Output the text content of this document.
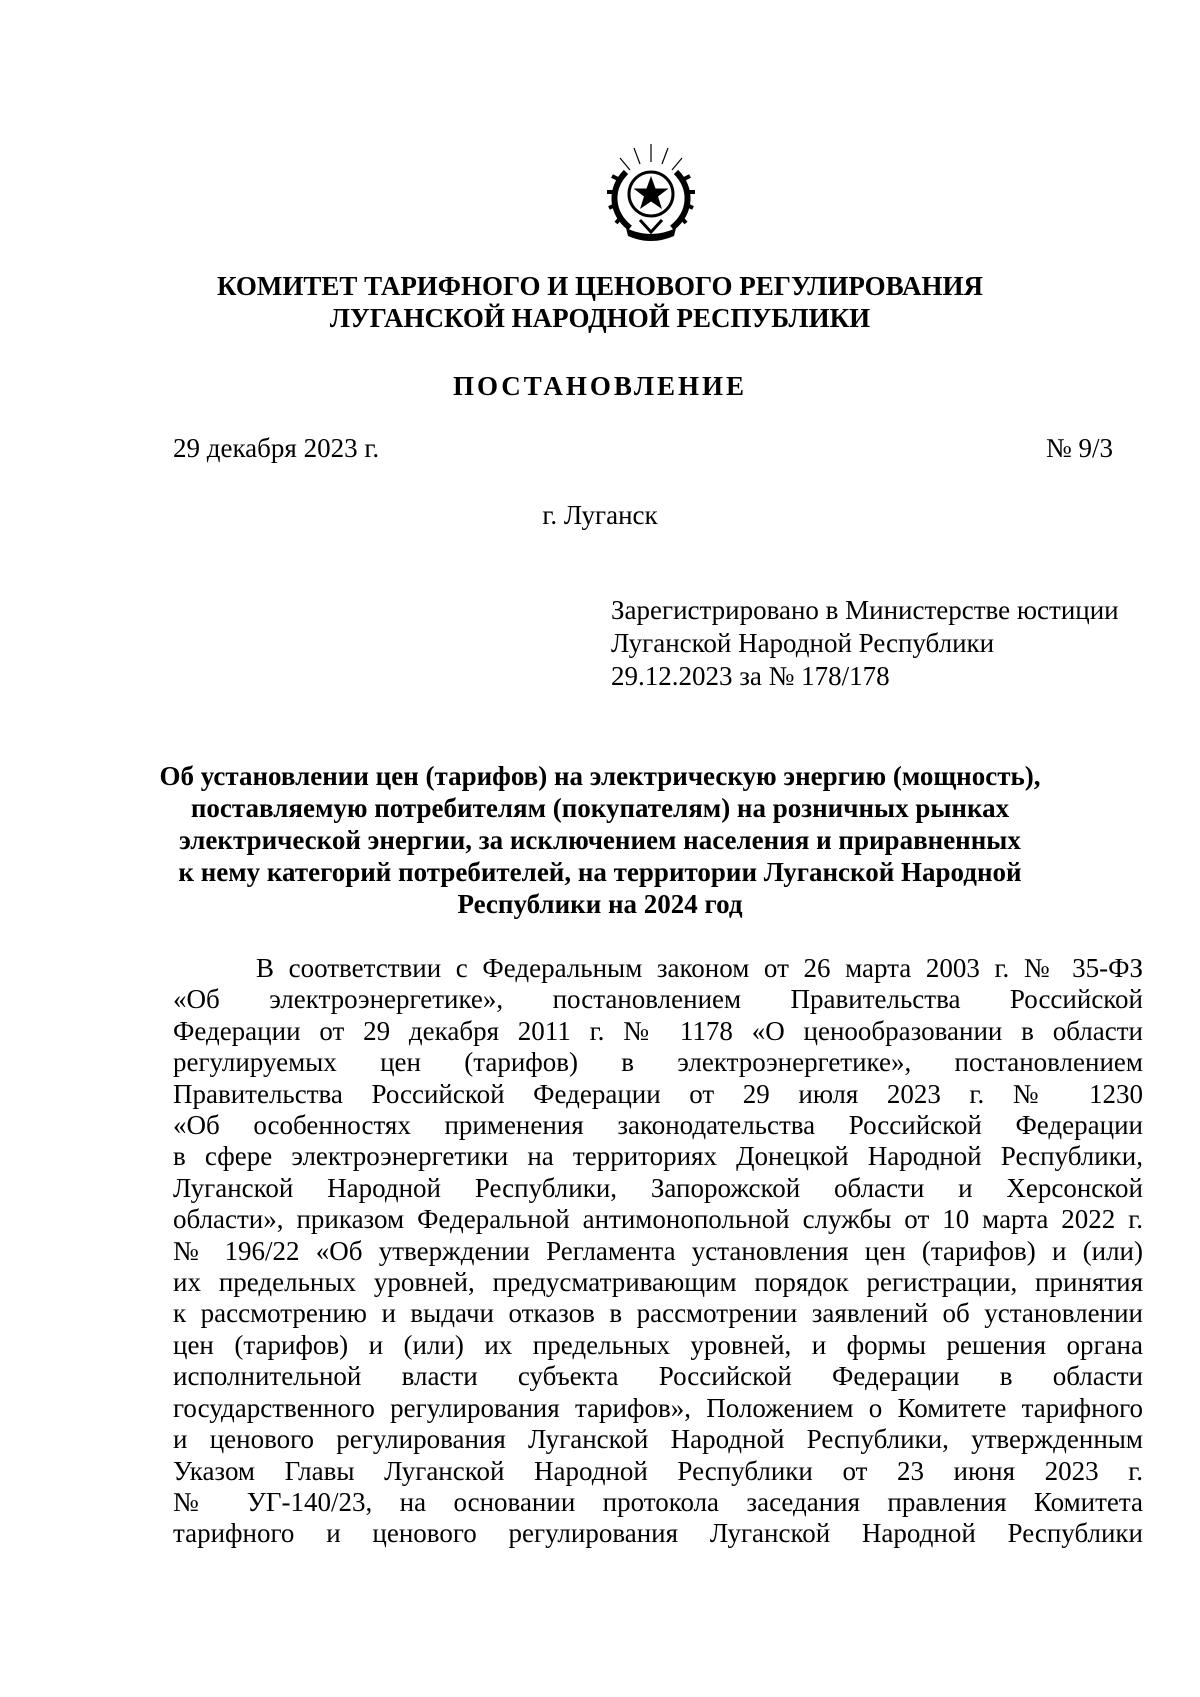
КОМИТЕТ ТАРИФНОГО И ЦЕНОВОГО РЕГУЛИРОВАНИЯ
ЛУГАНСКОЙ НАРОДНОЙ РЕСПУБЛИКИ
ПОСТАНОВЛЕНИЕ
29 декабря 2023 г.	№ 9/3
г. Луганск
Зарегистрировано в Министерстве юстиции
Луганской Народной Республики
29.12.2023 за № 178/178
Об установлении цен (тарифов) на электрическую энергию (мощность),
поставляемую потребителям (покупателям) на розничных рынках
электрической энергии, за исключением населения и приравненных
к нему категорий потребителей, на территории Луганской Народной
Республики на 2024 год
В соответствии с Федеральным законом от 26 марта 2003 г. № 35-ФЗ
«Об электроэнергетике», постановлением Правительства Российской
Федерации от 29 декабря 2011 г. № 1178 «О ценообразовании в области
регулируемых цен (тарифов) в электроэнергетике», постановлением
Правительства Российской Федерации от 29 июля 2023 г. № 1230
«Об особенностях применения законодательства Российской Федерации
в сфере электроэнергетики на территориях Донецкой Народной Республики,
Луганской Народной Республики, Запорожской области и Херсонской
области», приказом Федеральной антимонопольной службы от 10 марта 2022 г.
№ 196/22 «Об утверждении Регламента установления цен (тарифов) и (или)
их предельных уровней, предусматривающим порядок регистрации, принятия
к рассмотрению и выдачи отказов в рассмотрении заявлений об установлении
цен (тарифов) и (или) их предельных уровней, и формы решения органа
исполнительной власти субъекта Российской Федерации в области
государственного регулирования тарифов», Положением о Комитете тарифного
и ценового регулирования Луганской Народной Республики, утвержденным
Указом Главы Луганской Народной Республики от 23 июня 2023 г.
№ УГ-140/23, на основании протокола заседания правления Комитета
тарифного и ценового регулирования Луганской Народной Республики
